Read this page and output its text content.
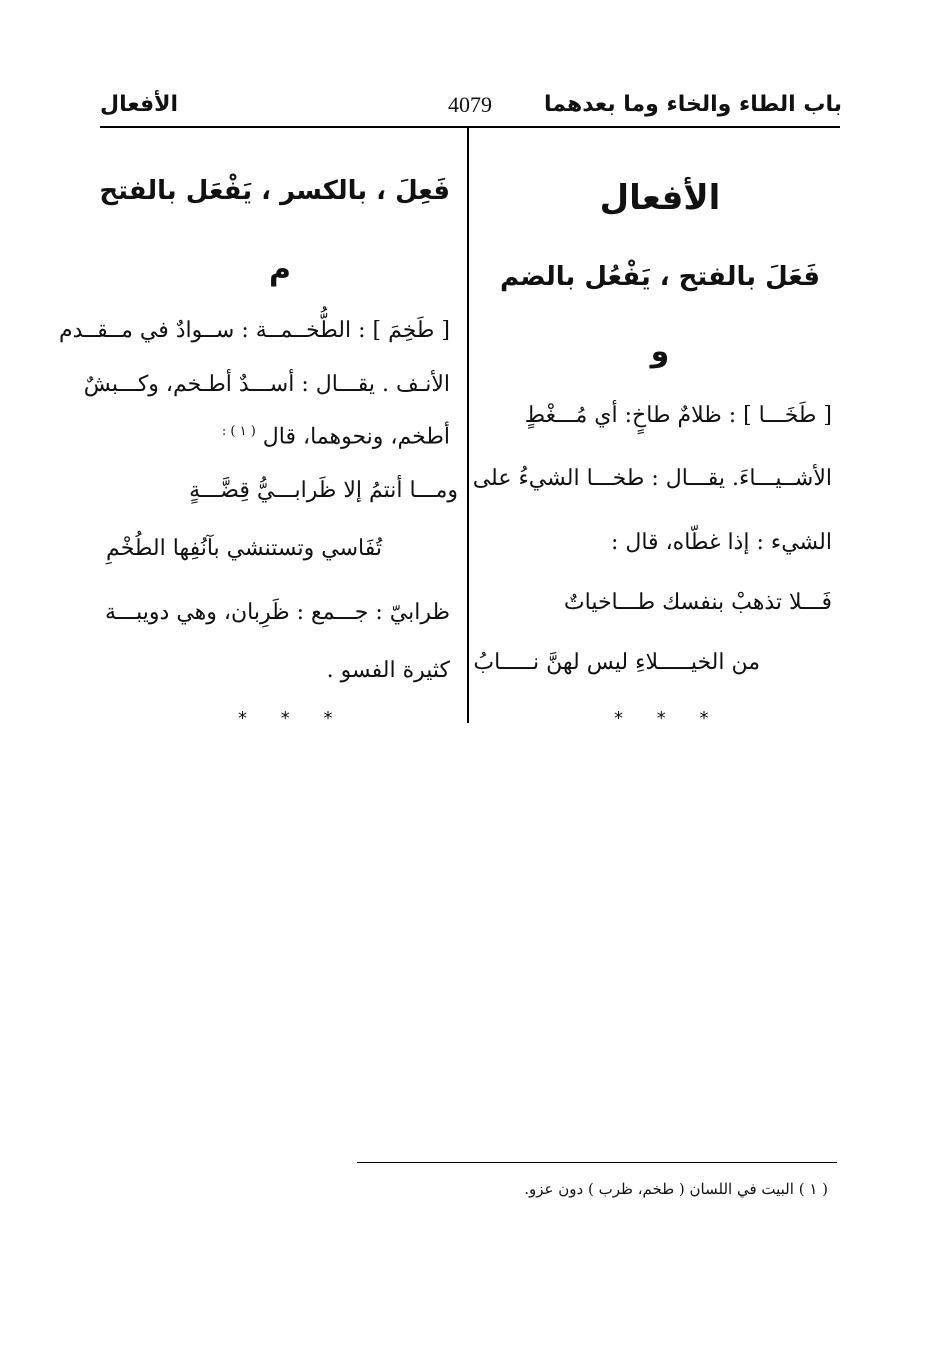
باب الطاء والخاء وما بعدهما
4079
الأفعال
الأفعال
فَعَلَ بالفتح ، يَفْعُل بالضم
و
[ طَخَـــا ] : ظلامٌ طاخٍ: أي مُـــغْطٍ
الأشــيـــاءَ. يقـــال : طخـــا الشيءُ على
الشيء : إذا غطّاه، قال :
فَـــلا تذهبْ بنفسك طـــاخياتٌ
من الخيـــــلاءِ ليس لهنَّ نـــــابُ
* * *
فَعِلَ ، بالكسر ، يَفْعَل بالفتح
م
[ طَخِمَ ] : الطُّخــمــة : ســوادٌ في مــقــدم
الأنـف . يقـــال : أســـدٌ أطـخم، وكـــبشٌ
أطخم، ونحوهما، قال $^{( ١ ) :}$
ومـــا أنتمُ إلا ظَرابـــيُّ قِضَّـــةٍ
تُفَاسي وتستنشي بآنُفِها الطُخْمِ
ظرابيّ : جـــمع : ظَرِبان، وهي دويبـــة
كثيرة الفسو .
* * *
( ١ ) البيت في اللسان ( طخم، ظرب ) دون عزو.
